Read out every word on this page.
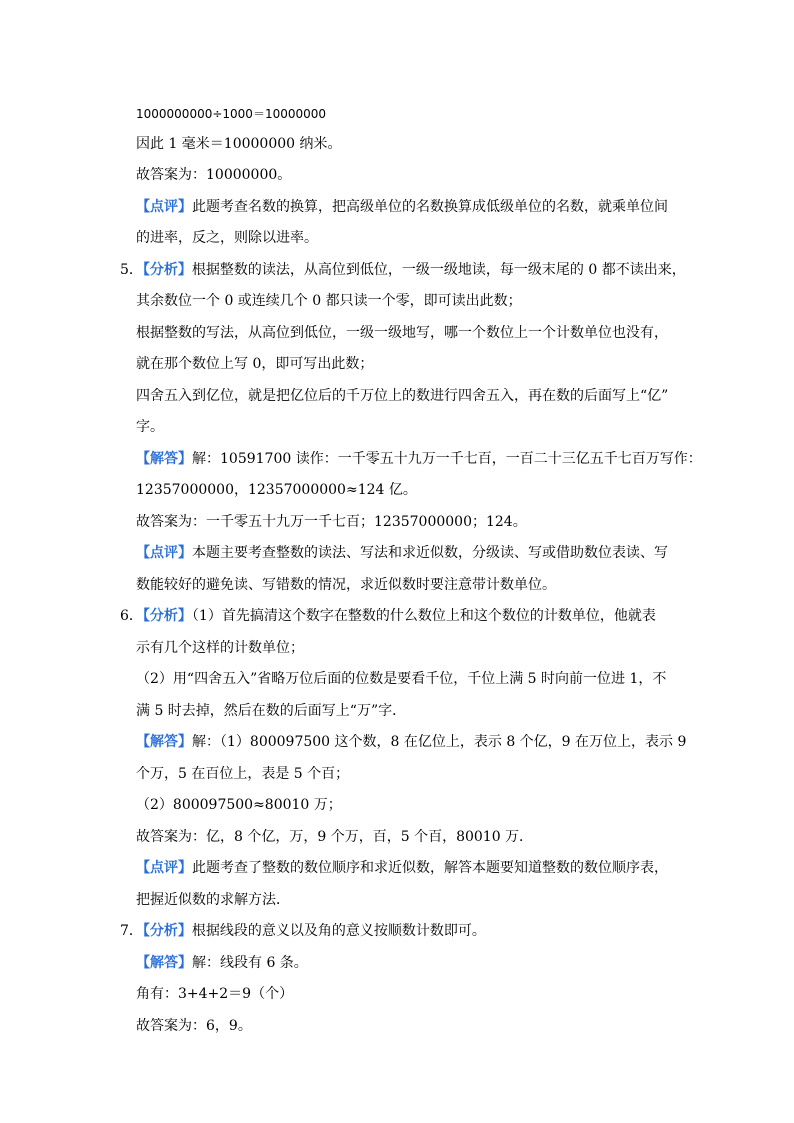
1000000000÷1000＝10000000
因此 1 毫米＝10000000 纳米。
故答案为：10000000。
【点评】此题考查名数的换算，把高级单位的名数换算成低级单位的名数，就乘单位间
的进率，反之，则除以进率。
5．【分析】根据整数的读法，从高位到低位，一级一级地读，每一级末尾的 0 都不读出来，
其余数位一个 0 或连续几个 0 都只读一个零，即可读出此数；
根据整数的写法，从高位到低位，一级一级地写，哪一个数位上一个计数单位也没有，
就在那个数位上写 0，即可写出此数；
四舍五入到亿位，就是把亿位后的千万位上的数进行四舍五入，再在数的后面写上“亿”
字。
【解答】解：10591700 读作：一千零五十九万一千七百，一百二十三亿五千七百万写作：
12357000000，12357000000≈124 亿。
故答案为：一千零五十九万一千七百；12357000000；124。
【点评】本题主要考查整数的读法、写法和求近似数，分级读、写或借助数位表读、写
数能较好的避免读、写错数的情况，求近似数时要注意带计数单位。
6．【分析】（1）首先搞清这个数字在整数的什么数位上和这个数位的计数单位，他就表
示有几个这样的计数单位；
（2）用“四舍五入”省略万位后面的位数是要看千位，千位上满 5 时向前一位进 1，不
满 5 时去掉，然后在数的后面写上“万”字．
【解答】解：（1）800097500 这个数，8 在亿位上，表示 8 个亿，9 在万位上，表示 9
个万，5 在百位上，表是 5 个百；
（2）800097500≈80010 万；
故答案为：亿，8 个亿，万，9 个万，百，5 个百，80010 万．
【点评】此题考查了整数的数位顺序和求近似数，解答本题要知道整数的数位顺序表，
把握近似数的求解方法．
7．【分析】根据线段的意义以及角的意义按顺数计数即可。
【解答】解：线段有 6 条。
角有：3+4+2＝9（个）
故答案为：6，9。
